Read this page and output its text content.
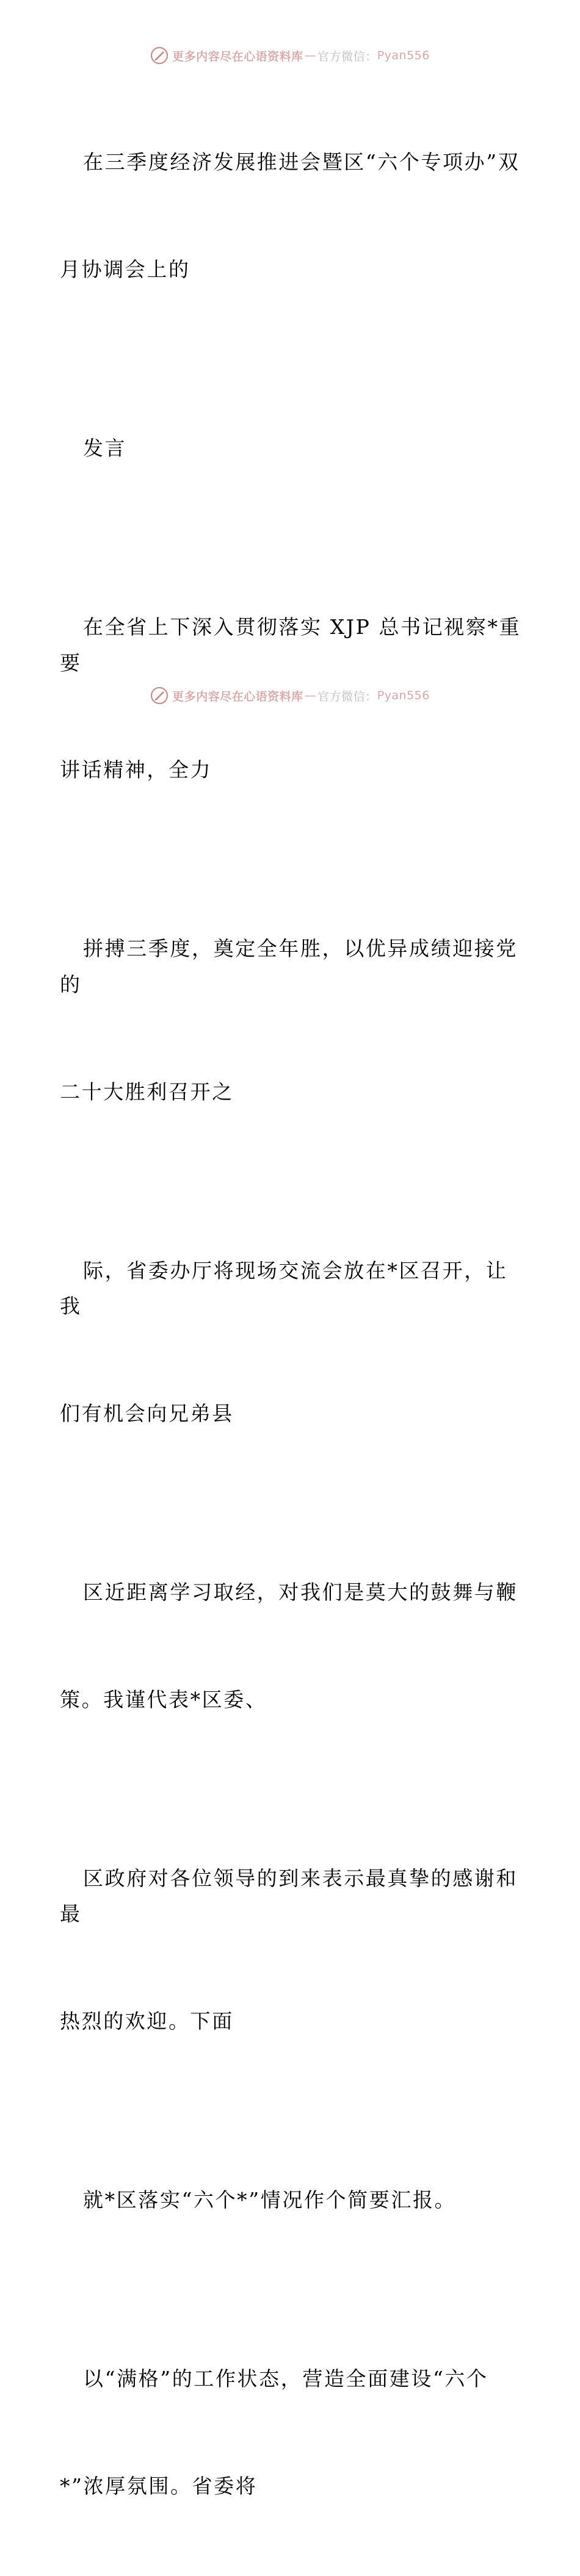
更多内容尽在心语资料库 — 官方微信： Pyan556

在三季度经济发展推进会暨区“六个专项办”双

月协调会上的

发言

在全省上下深入贯彻落实 XJP 总书记视察*重要

讲话精神，全力

拼搏三季度，奠定全年胜，以优异成绩迎接党的

二十大胜利召开之

际，省委办厅将现场交流会放在*区召开，让我

们有机会向兄弟县

区近距离学习取经，对我们是莫大的鼓舞与鞭

策。我谨代表*区委、

区政府对各位领导的到来表示最真挚的感谢和最

热烈的欢迎。下面

就*区落实“六个*”情况作个简要汇报。

以“满格”的工作状态，营造全面建设“六个

*”浓厚氛围。省委将

更多内容尽在心语资料库 — 官方微信： Pyan556
